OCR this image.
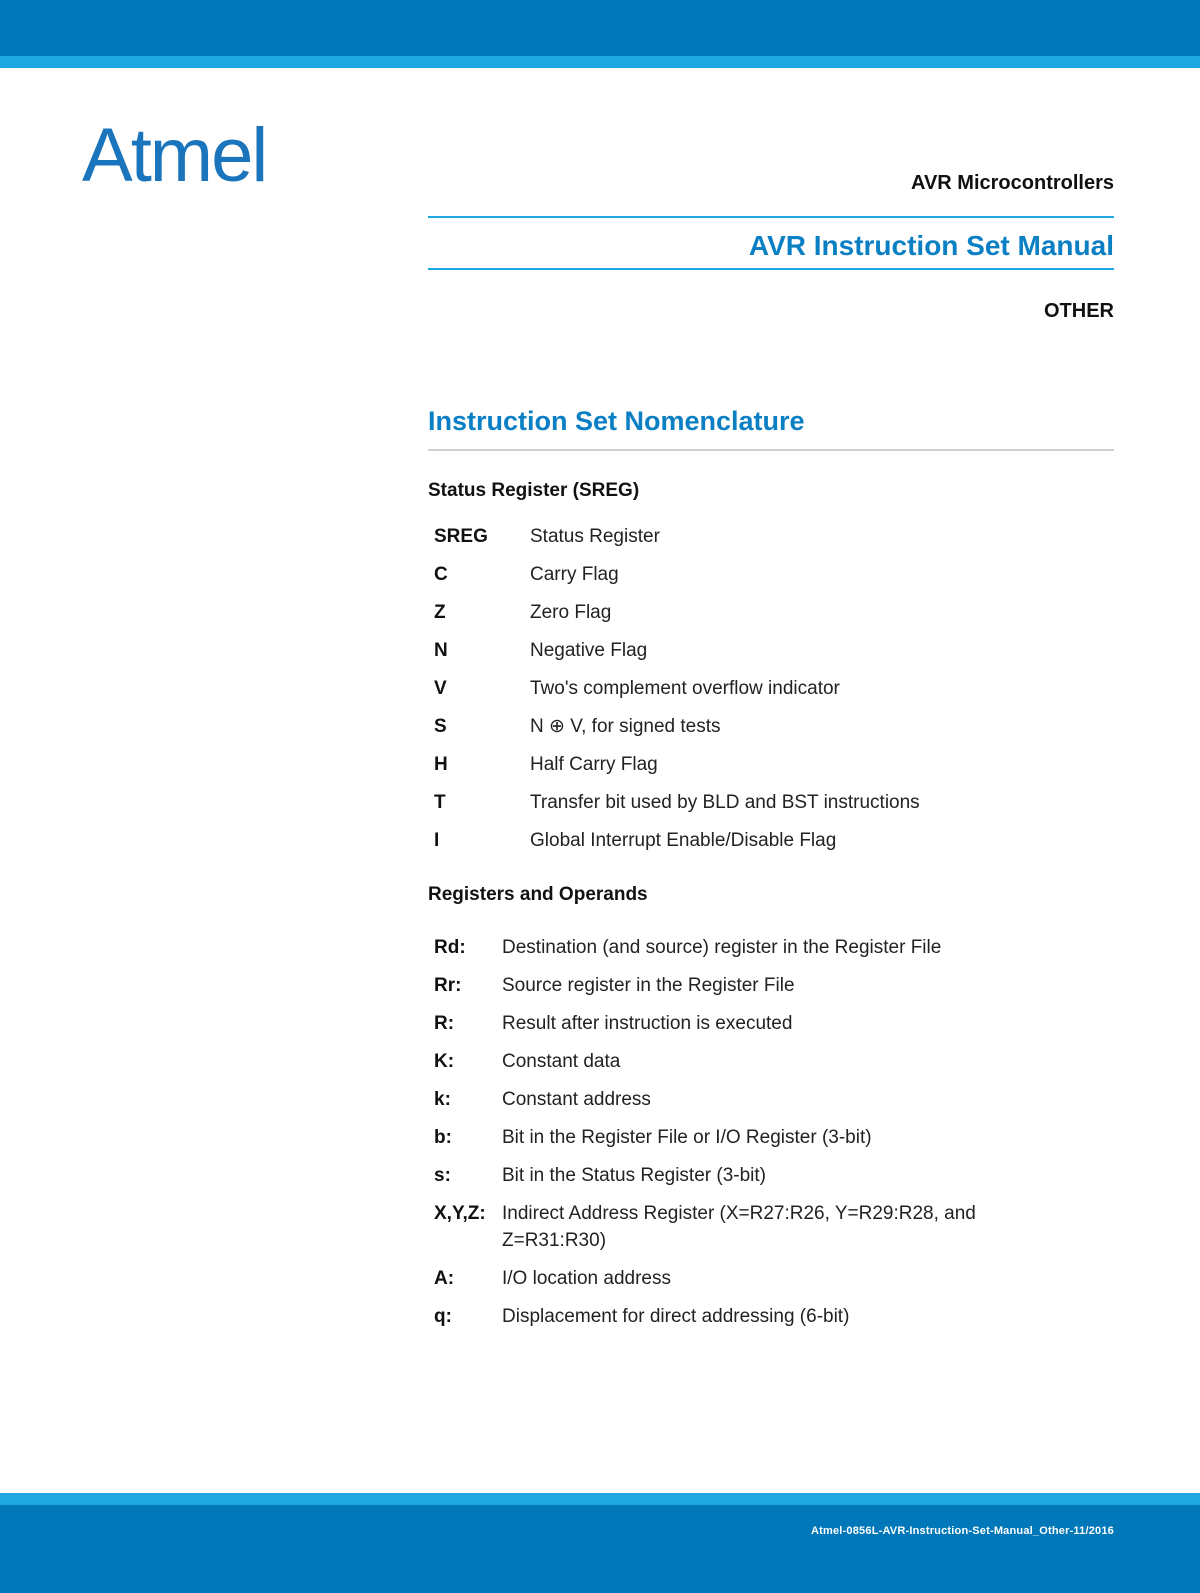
Atmel	AVR Microcontrollers
AVR Instruction Set Manual
OTHER
Instruction Set Nomenclature
Status Register (SREG)
SREG	Status Register
C	Carry Flag
Z	Zero Flag
N	Negative Flag
V	Two's complement overflow indicator
S	N ⊕ V, for signed tests
H	Half Carry Flag
T	Transfer bit used by BLD and BST instructions
I	Global Interrupt Enable/Disable Flag
Registers and Operands
Rd:	Destination (and source) register in the Register File
Rr:	Source register in the Register File
R:	Result after instruction is executed
K:	Constant data
k:	Constant address
b:	Bit in the Register File or I/O Register (3-bit)
s:	Bit in the Status Register (3-bit)
X,Y,Z: Indirect Address Register (X=R27:R26, Y=R29:R28, and Z=R31:R30)
A:	I/O location address
q:	Displacement for direct addressing (6-bit)
Atmel-0856L-AVR-Instruction-Set-Manual_Other-11/2016
